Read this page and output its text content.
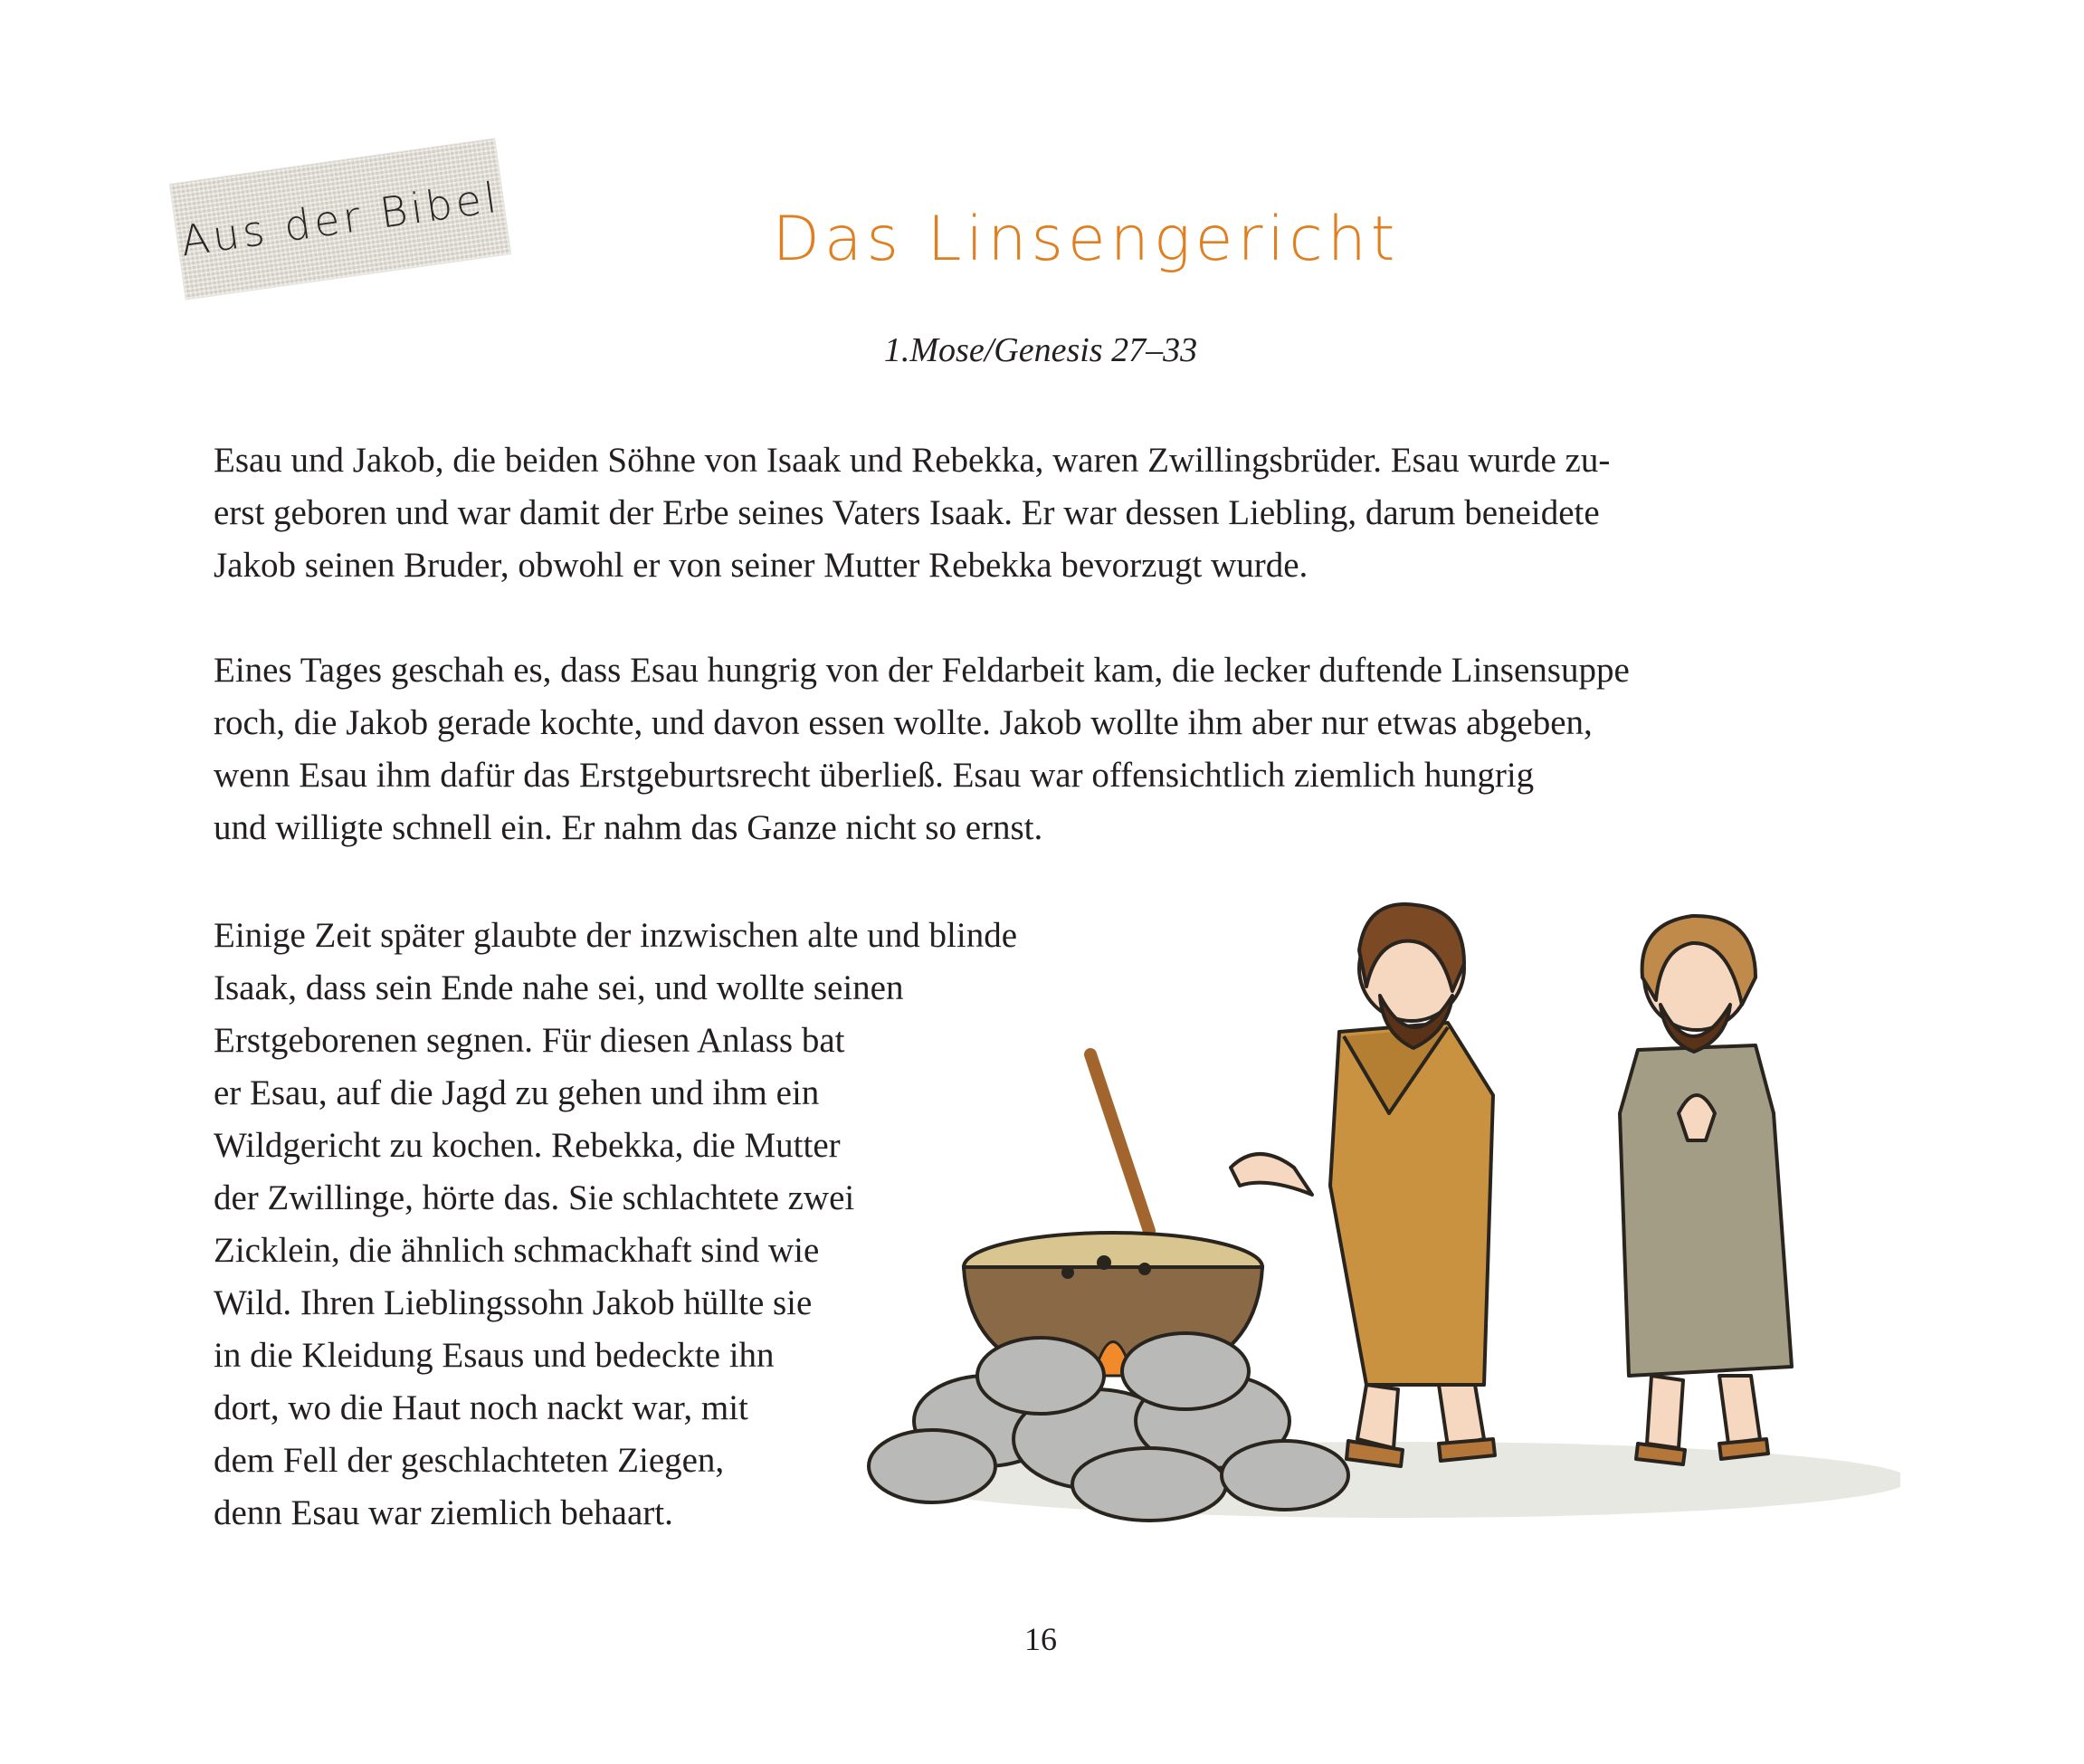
Aus der Bibel	Das Linsengericht
1.Mose/Genesis 27–33

Esau und Jakob, die beiden Söhne von Isaak und Rebekka, waren Zwillingsbrüder. Esau wurde zu-
erst geboren und war damit der Erbe seines Vaters Isaak. Er war dessen Liebling, darum beneidete
Jakob seinen Bruder, obwohl er von seiner Mutter Rebekka bevorzugt wurde.

Eines Tages geschah es, dass Esau hungrig von der Feldarbeit kam, die lecker duftende Linsensuppe
roch, die Jakob gerade kochte, und davon essen wollte. Jakob wollte ihm aber nur etwas abgeben,
wenn Esau ihm dafür das Erstgeburtsrecht überließ. Esau war offensichtlich ziemlich hungrig
und willigte schnell ein. Er nahm das Ganze nicht so ernst.

Einige Zeit später glaubte der inzwischen alte und blinde
Isaak, dass sein Ende nahe sei, und wollte seinen
Erstgeborenen segnen. Für diesen Anlass bat
er Esau, auf die Jagd zu gehen und ihm ein
Wildgericht zu kochen. Rebekka, die Mutter
der Zwillinge, hörte das. Sie schlachtete zwei
Zicklein, die ähnlich schmackhaft sind wie
Wild. Ihren Lieblingssohn Jakob hüllte sie
in die Kleidung Esaus und bedeckte ihn
dort, wo die Haut noch nackt war, mit
dem Fell der geschlachteten Ziegen,
denn Esau war ziemlich behaart.

16
